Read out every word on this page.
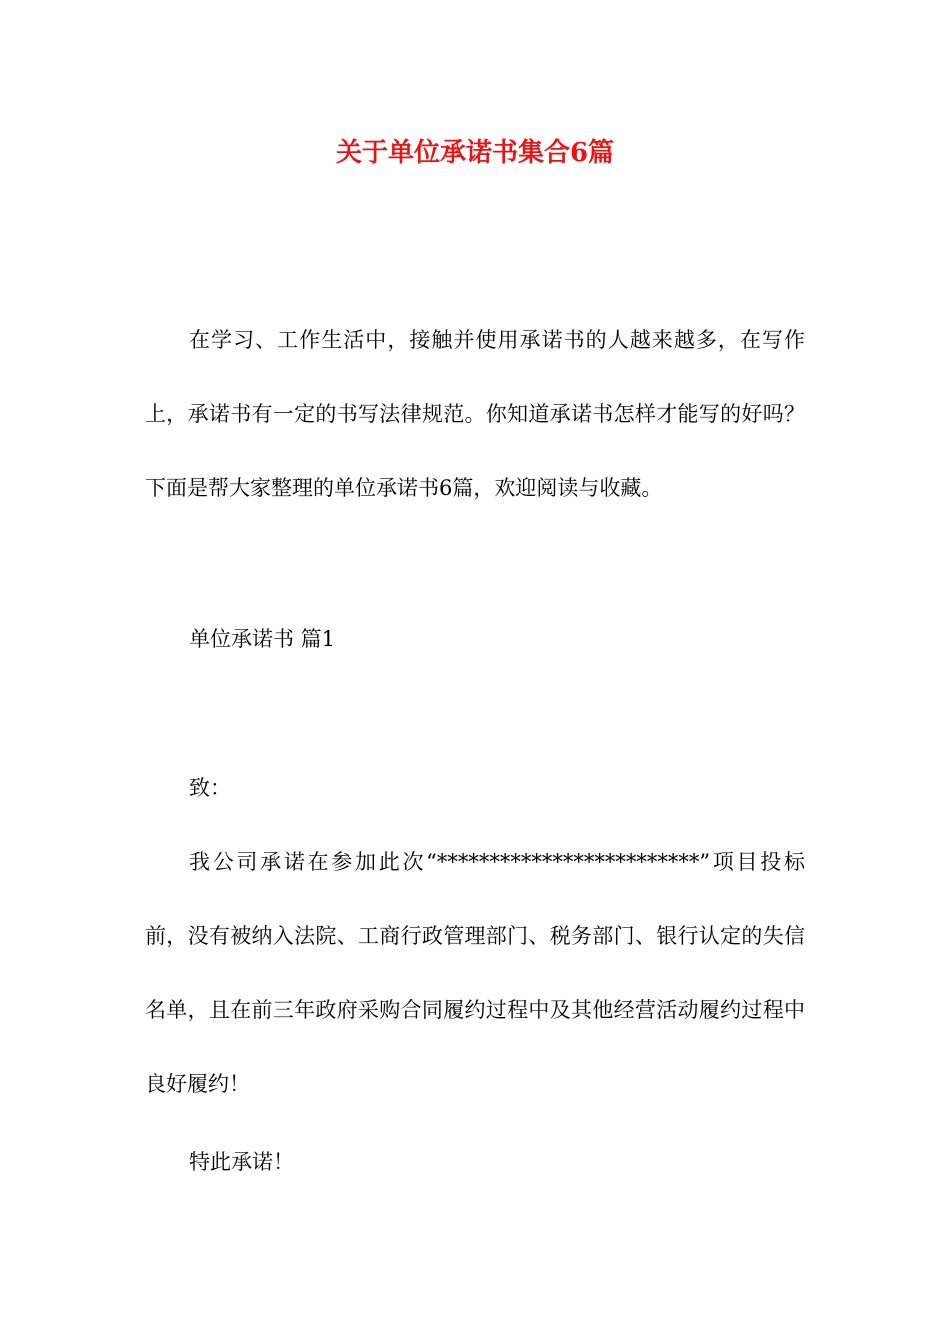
关于单位承诺书集合6篇

在学习、工作生活中，接触并使用承诺书的人越来越多，在写作上，承诺书有一定的书写法律规范。你知道承诺书怎样才能写的好吗？下面是帮大家整理的单位承诺书6篇，欢迎阅读与收藏。

单位承诺书 篇1

致：

我公司承诺在参加此次“*************************”项目投标前，没有被纳入法院、工商行政管理部门、税务部门、银行认定的失信名单，且在前三年政府采购合同履约过程中及其他经营活动履约过程中良好履约！

特此承诺！
